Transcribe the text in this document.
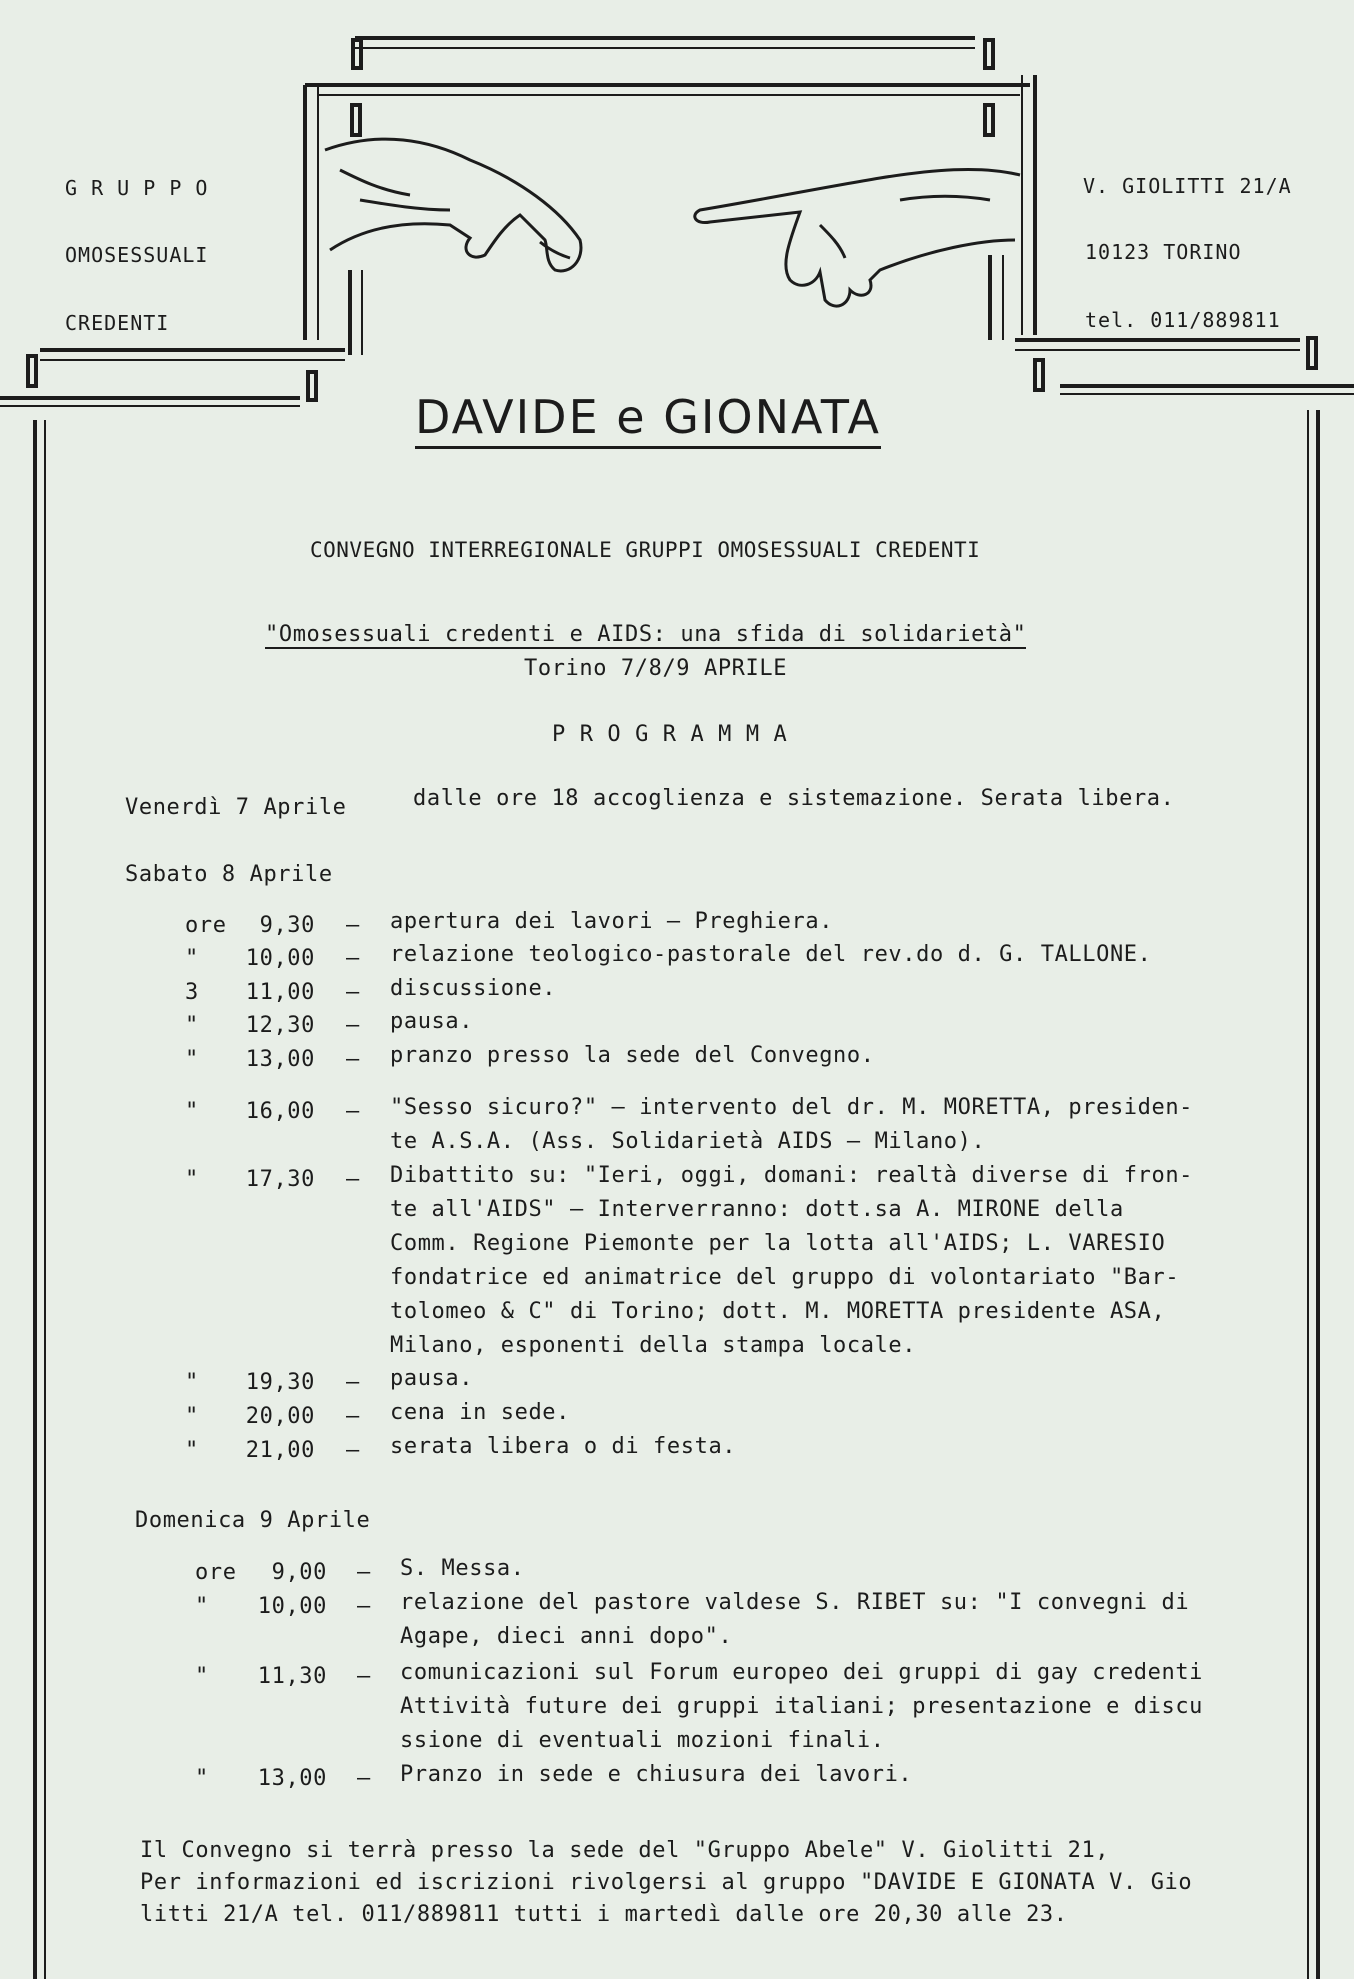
G R U P P O
OMOSESSUALI
CREDENTI
V. GIOLITTI 21/A
10123 TORINO
tel. 011/889811
DAVIDE e GIONATA
CONVEGNO INTERREGIONALE GRUPPI OMOSESSUALI CREDENTI
"Omosessuali credenti e AIDS: una sfida di solidarietà"
Torino 7/8/9 APRILE
P R O G R A M M A
Venerdì 7 Aprile	dalle ore 18 accoglienza e sistemazione. Serata libera.
Sabato 8 Aprile
ore	9,30 – apertura dei lavori – Preghiera.
"	10,00 – relazione teologico-pastorale del rev.do d. G. TALLONE.
3	11,00 – discussione.
"	12,30 – pausa.
"	13,00 – pranzo presso la sede del Convegno.
"	16,00 – "Sesso sicuro?" – intervento del dr. M. MORETTA, presiden-
te A.S.A. (Ass. Solidarietà AIDS – Milano).
"	17,30 – Dibattito su: "Ieri, oggi, domani: realtà diverse di fron-
te all'AIDS" – Interverranno: dott.sa A. MIRONE della
Comm. Regione Piemonte per la lotta all'AIDS; L. VARESIO
fondatrice ed animatrice del gruppo di volontariato "Bar-
tolomeo & C" di Torino; dott. M. MORETTA presidente ASA,
Milano, esponenti della stampa locale.
"	19,30 – pausa.
"	20,00 – cena in sede.
"	21,00 – serata libera o di festa.
Domenica 9 Aprile
ore	9,00 – S. Messa.
"	10,00 – relazione del pastore valdese S. RIBET su: "I convegni di
Agape, dieci anni dopo".
"	11,30 – comunicazioni sul Forum europeo dei gruppi di gay credenti
Attività future dei gruppi italiani; presentazione e discu
ssione di eventuali mozioni finali.
"	13,00 – Pranzo in sede e chiusura dei lavori.
Il Convegno si terrà presso la sede del "Gruppo Abele" V. Giolitti 21,
Per informazioni ed iscrizioni rivolgersi al gruppo "DAVIDE E GIONATA V. Gio
litti 21/A tel. 011/889811 tutti i martedì dalle ore 20,30 alle 23.
